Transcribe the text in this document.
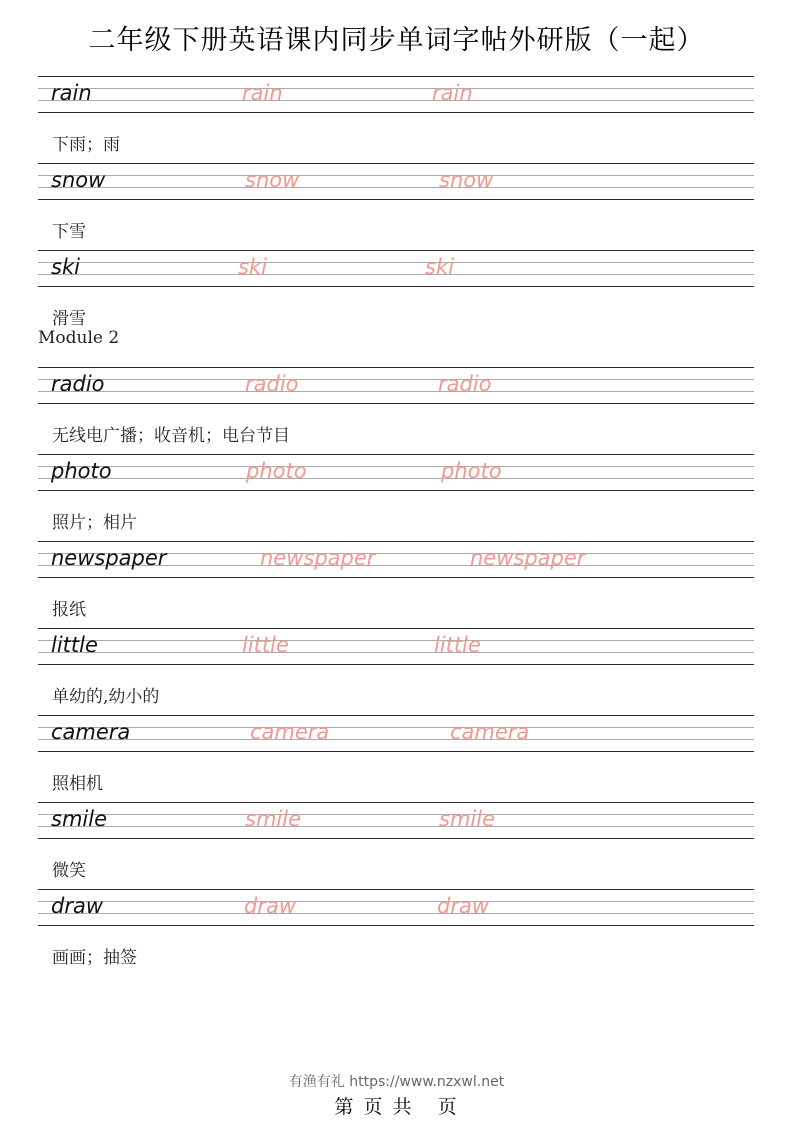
二年级下册英语课内同步单词字帖外研版（一起）
rain	rain	rain
下雨；雨
snow	snow	snow
下雪
ski	ski	ski
滑雪
Module 2
radio	radio	radio
无线电广播；收音机；电台节目
photo	photo	photo
照片；相片
newspaper	newspaper	newspaper
报纸
little	little	little
单幼的,幼小的
camera	camera	camera
照相机
smile	smile	smile
微笑
draw	draw	draw
画画；抽签
有渔有礼 https://www.nzxwl.net
第 页 共   页
